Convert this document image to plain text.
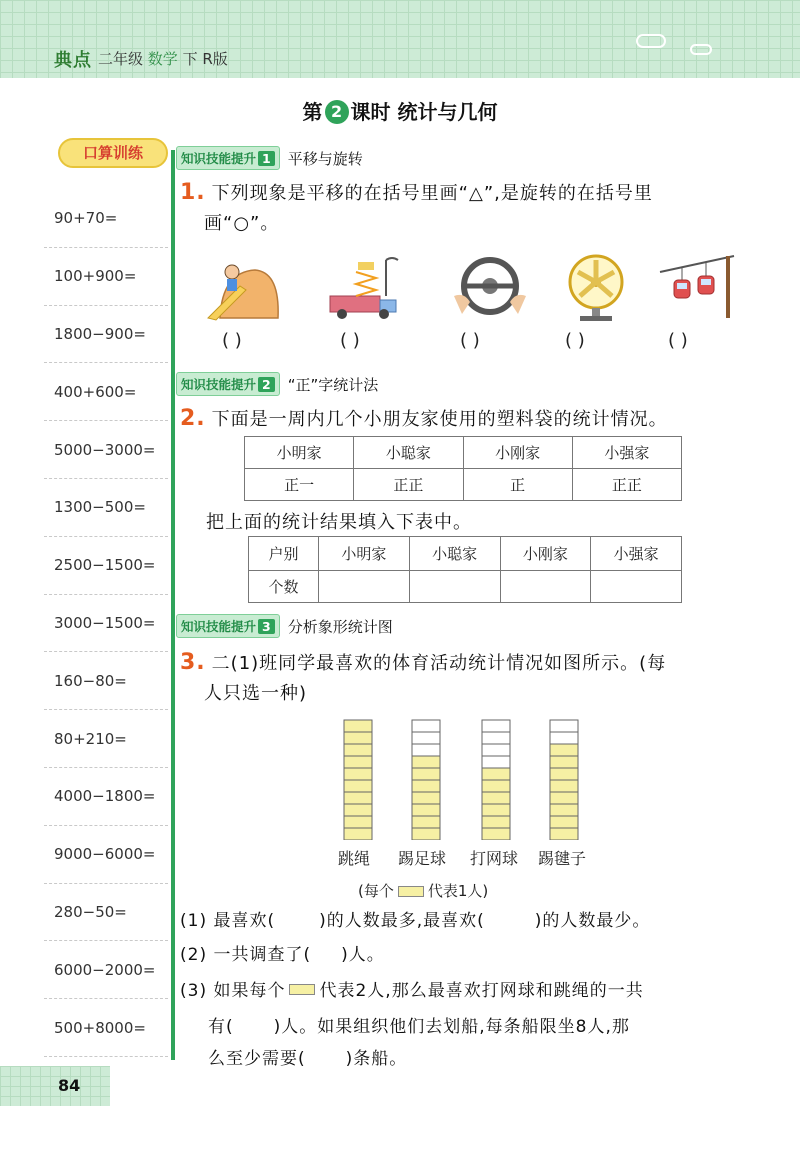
典点 二年级 数学 下 R版
第 2 课时 统计与几何
口算训练
90+70=
100+900=
1800−900=
400+600=
5000−3000=
1300−500=
2500−1500=
3000−1500=
160−80=
80+210=
4000−1800=
9000−6000=
280−50=
6000−2000=
500+8000=
知识技能提升 1	平移与旋转
1. 下列现象是平移的在括号里画“△”,是旋转的在括号里
画“○”。
( )	( )	( )	( )	( )
知识技能提升 2	“正”字统计法
2. 下面是一周内几个小朋友家使用的塑料袋的统计情况。
小明家	小聪家	小刚家	小强家
正一	正正	正	正正
把上面的统计结果填入下表中。
户别	小明家	小聪家	小刚家	小强家
个数				
知识技能提升 3	分析象形统计图
3. 二(1)班同学最喜欢的体育活动统计情况如图所示。(每
人只选一种)
跳绳 踢足球 打网球 踢毽子
(每个 代表1人)
(1) 最喜欢(	)的人数最多,最喜欢(	)的人数最少。
(2) 一共调查了( )人。
(3) 如果每个 代表2人,那么最喜欢打网球和跳绳的一共
有( )人。如果组织他们去划船,每条船限坐8人,那
么至少需要( )条船。
84
